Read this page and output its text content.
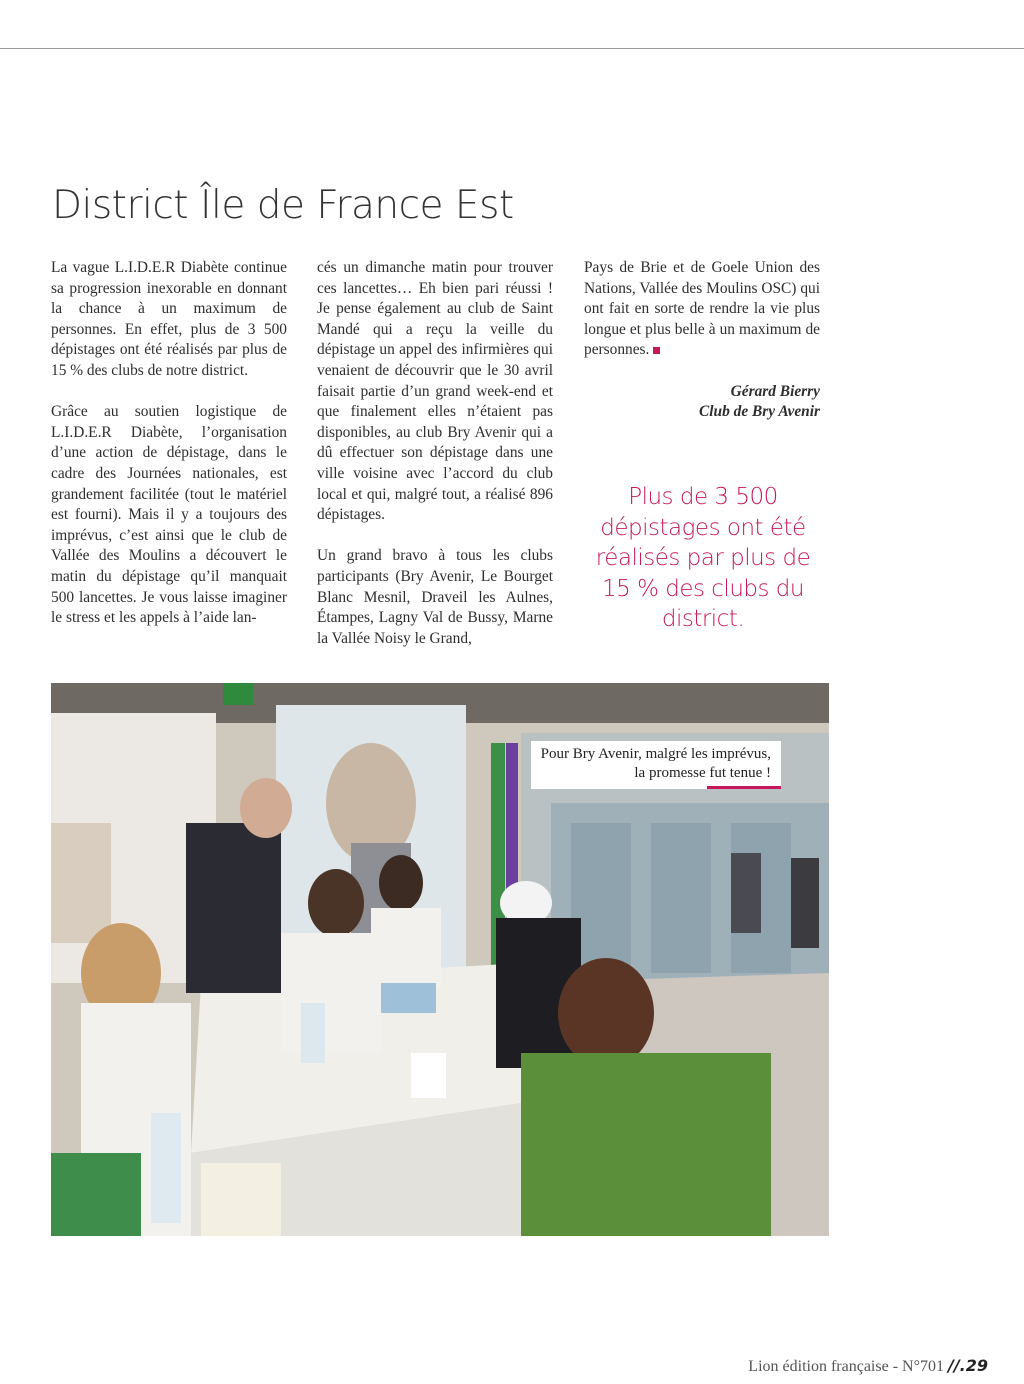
District Île de France Est

La vague L.I.D.E.R Diabète continue sa progression inexorable en donnant la chance à un maximum de personnes. En effet, plus de 3 500 dépistages ont été réalisés par plus de 15 % des clubs de notre district.

Grâce au soutien logistique de L.I.D.E.R Diabète, l’organisation d’une action de dépistage, dans le cadre des Journées nationales, est grandement facilitée (tout le matériel est fourni). Mais il y a toujours des imprévus, c’est ainsi que le club de Vallée des Moulins a découvert le matin du dépistage qu’il manquait 500 lancettes. Je vous laisse imaginer le stress et les appels à l’aide lan-

cés un dimanche matin pour trouver ces lancettes… Eh bien pari réussi ! Je pense également au club de Saint Mandé qui a reçu la veille du dépistage un appel des infirmières qui venaient de découvrir que le 30 avril faisait partie d’un grand week-end et que finalement elles n’étaient pas disponibles, au club Bry Avenir qui a dû effectuer son dépistage dans une ville voisine avec l’accord du club local et qui, malgré tout, a réalisé 896 dépistages.

Un grand bravo à tous les clubs participants (Bry Avenir, Le Bourget Blanc Mesnil, Draveil les Aulnes, Étampes, Lagny Val de Bussy, Marne la Vallée Noisy le Grand,

Pays de Brie et de Goele Union des Nations, Vallée des Moulins OSC) qui ont fait en sorte de rendre la vie plus longue et plus belle à un maximum de personnes.

Gérard Bierry
Club de Bry Avenir
Plus de 3 500 dépistages ont été réalisés par plus de 15 % des clubs du district.
Pour Bry Avenir, malgré les imprévus,
la promesse fut tenue !
Lion édition française - N°701 //.29
